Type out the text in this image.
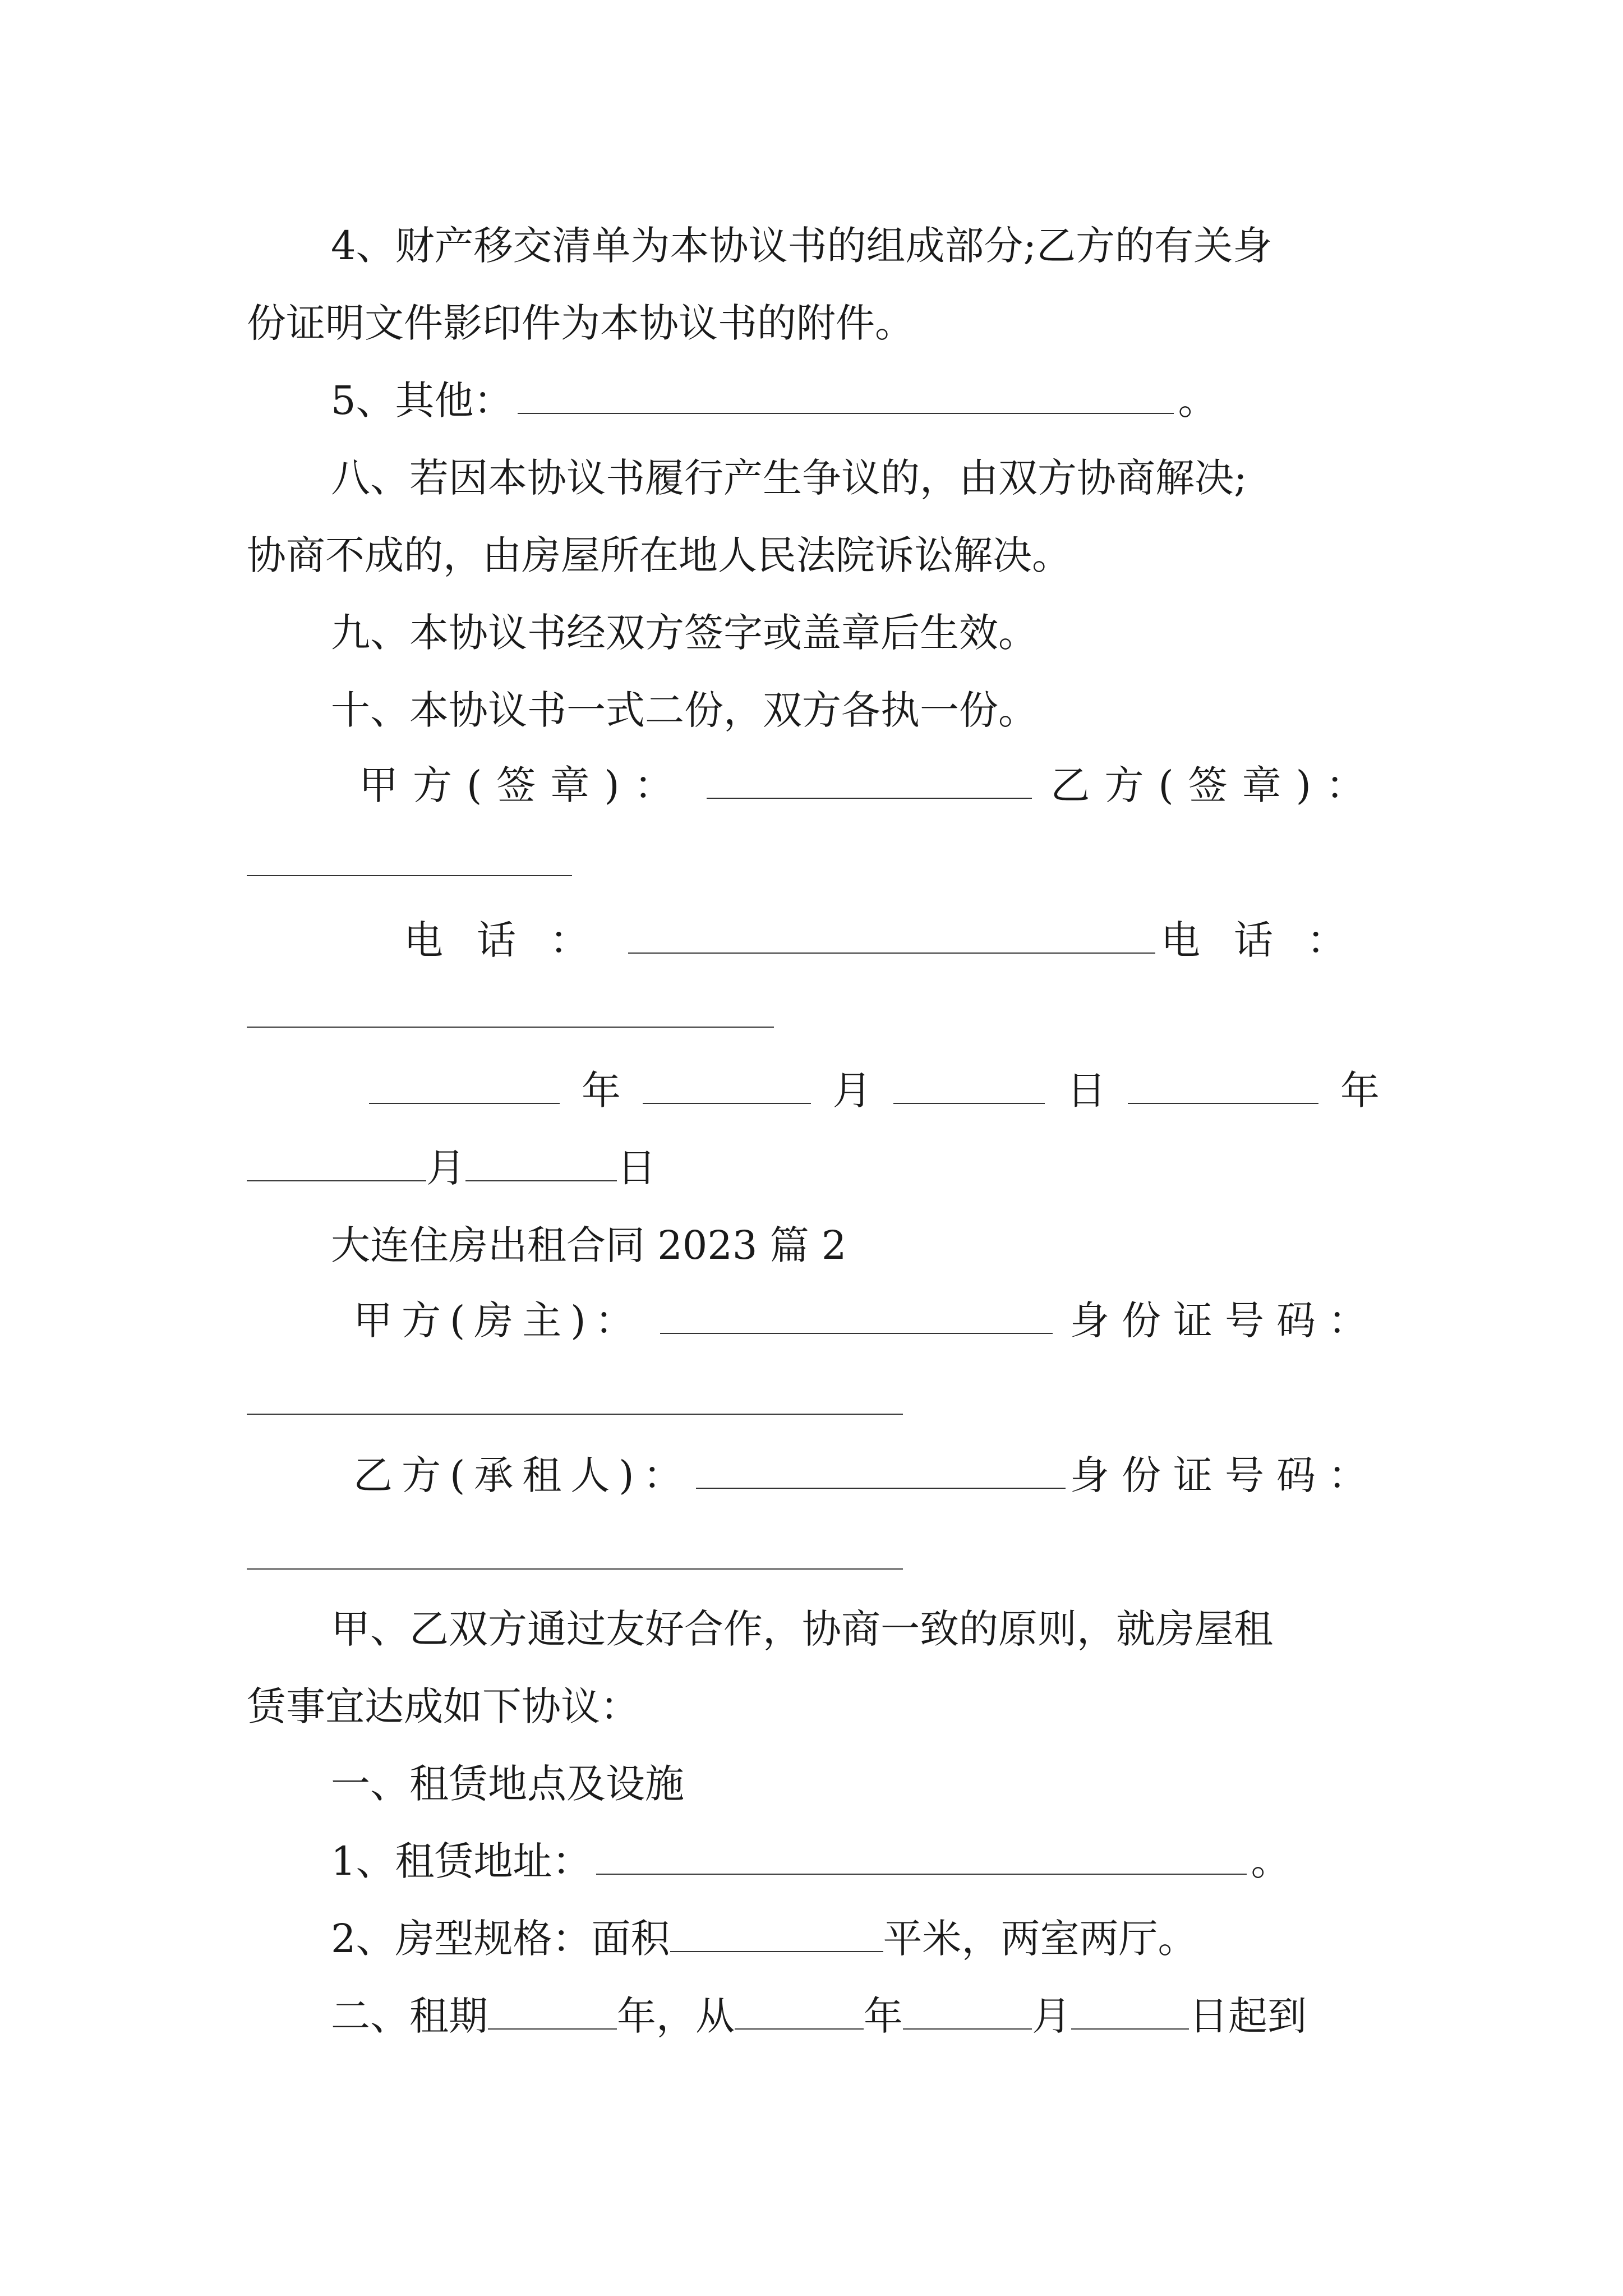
4、财产移交清单为本协议书的组成部分;乙方的有关身
份证明文件影印件为本协议书的附件。
5、其他：	。
八、若因本协议书履行产生争议的，由双方协商解决;
协商不成的，由房屋所在地人民法院诉讼解决。
九、本协议书经双方签字或盖章后生效。
十、本协议书一式二份，双方各执一份。
甲方(签章)：	乙方(签章)：
电话：	电话：
年	月	日	年
月	日
大连住房出租合同 2023 篇 2
甲方(房主)：	身份证号码：
乙方(承租人)：	身份证号码：
甲、乙双方通过友好合作，协商一致的原则，就房屋租
赁事宜达成如下协议：
一、租赁地点及设施
1、租赁地址：	。
2、房型规格：面积	平米，两室两厅。
二、租期	年，从	年	月	日起到
